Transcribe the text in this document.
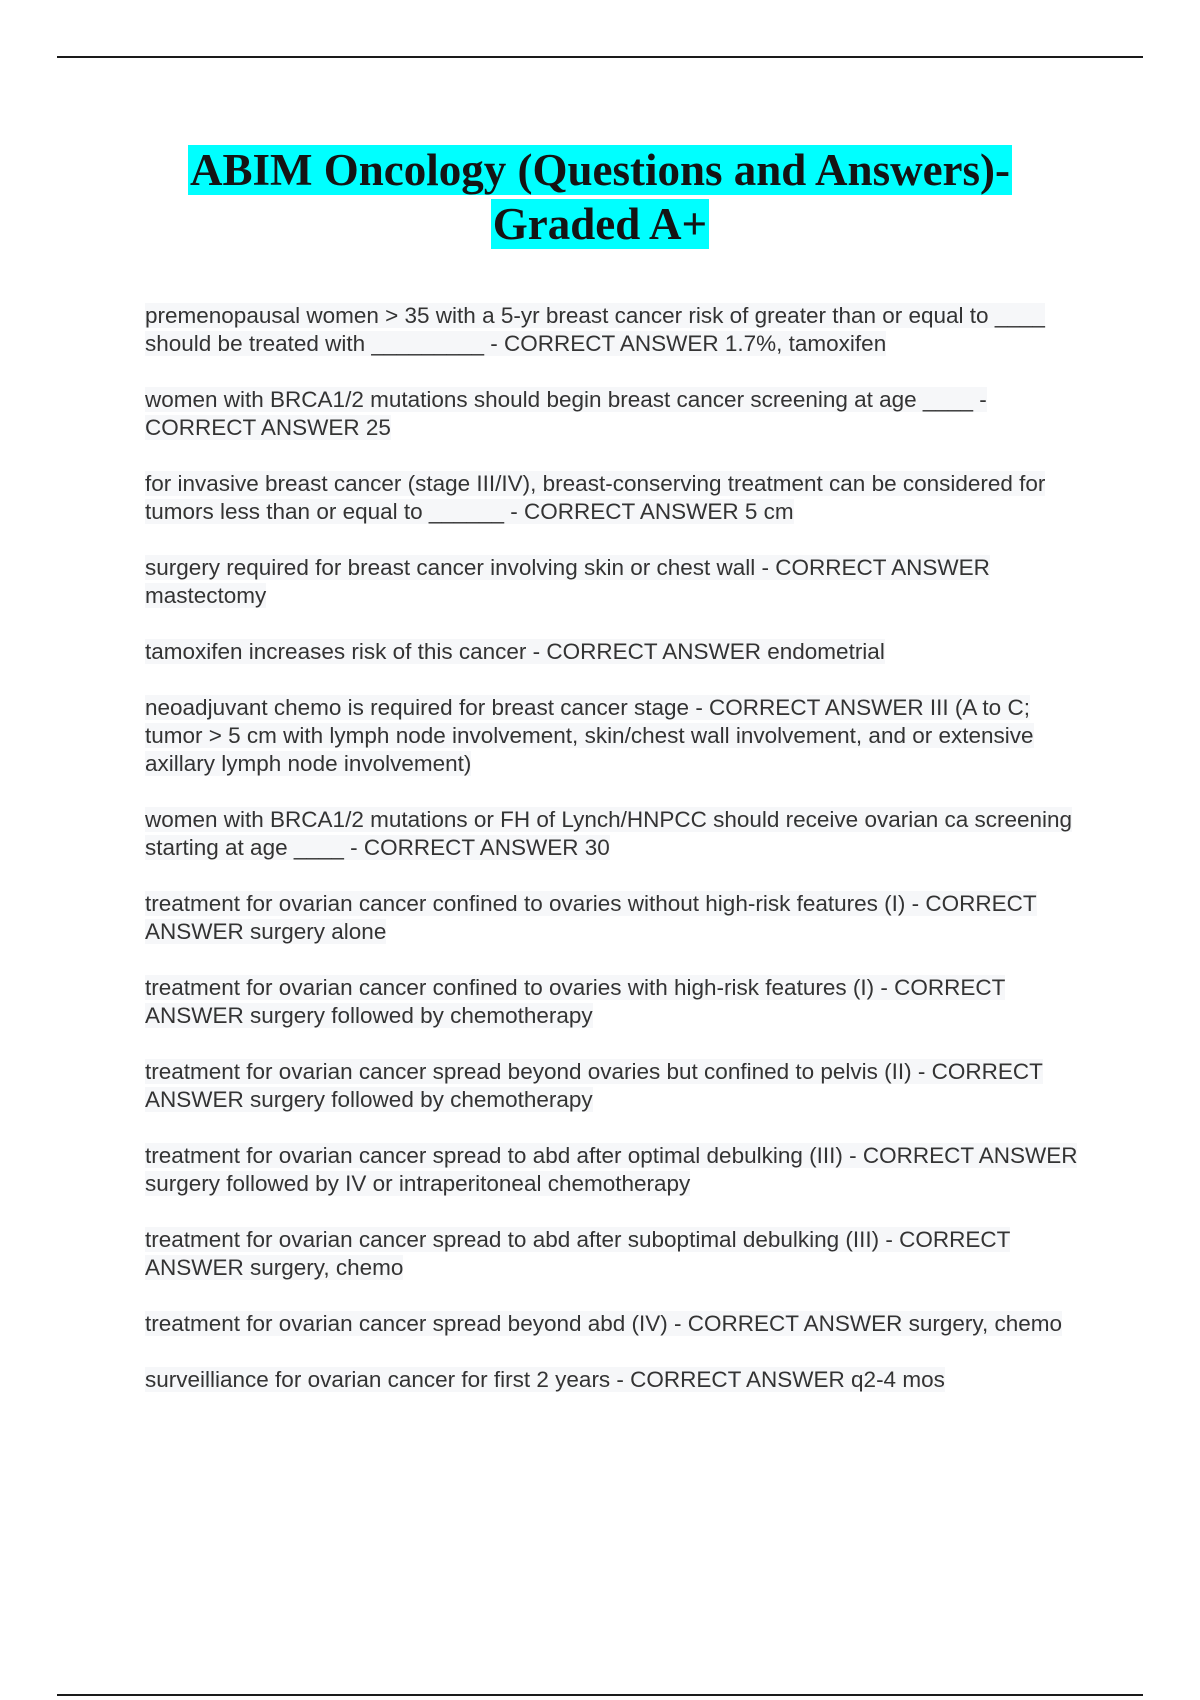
ABIM Oncology (Questions and Answers)-
Graded A+
premenopausal women > 35 with a 5-yr breast cancer risk of greater than or equal to ____ should be treated with _________ - CORRECT ANSWER 1.7%, tamoxifen
women with BRCA1/2 mutations should begin breast cancer screening at age ____ - CORRECT ANSWER 25
for invasive breast cancer (stage III/IV), breast-conserving treatment can be considered for tumors less than or equal to ______ - CORRECT ANSWER 5 cm
surgery required for breast cancer involving skin or chest wall - CORRECT ANSWER mastectomy
tamoxifen increases risk of this cancer - CORRECT ANSWER endometrial
neoadjuvant chemo is required for breast cancer stage - CORRECT ANSWER III (A to C; tumor > 5 cm with lymph node involvement, skin/chest wall involvement, and or extensive axillary lymph node involvement)
women with BRCA1/2 mutations or FH of Lynch/HNPCC should receive ovarian ca screening starting at age ____ - CORRECT ANSWER 30
treatment for ovarian cancer confined to ovaries without high-risk features (I) - CORRECT ANSWER surgery alone
treatment for ovarian cancer confined to ovaries with high-risk features (I) - CORRECT ANSWER surgery followed by chemotherapy
treatment for ovarian cancer spread beyond ovaries but confined to pelvis (II) - CORRECT ANSWER surgery followed by chemotherapy
treatment for ovarian cancer spread to abd after optimal debulking (III) - CORRECT ANSWER surgery followed by IV or intraperitoneal chemotherapy
treatment for ovarian cancer spread to abd after suboptimal debulking (III) - CORRECT ANSWER surgery, chemo
treatment for ovarian cancer spread beyond abd (IV) - CORRECT ANSWER surgery, chemo
surveilliance for ovarian cancer for first 2 years - CORRECT ANSWER q2-4 mos
